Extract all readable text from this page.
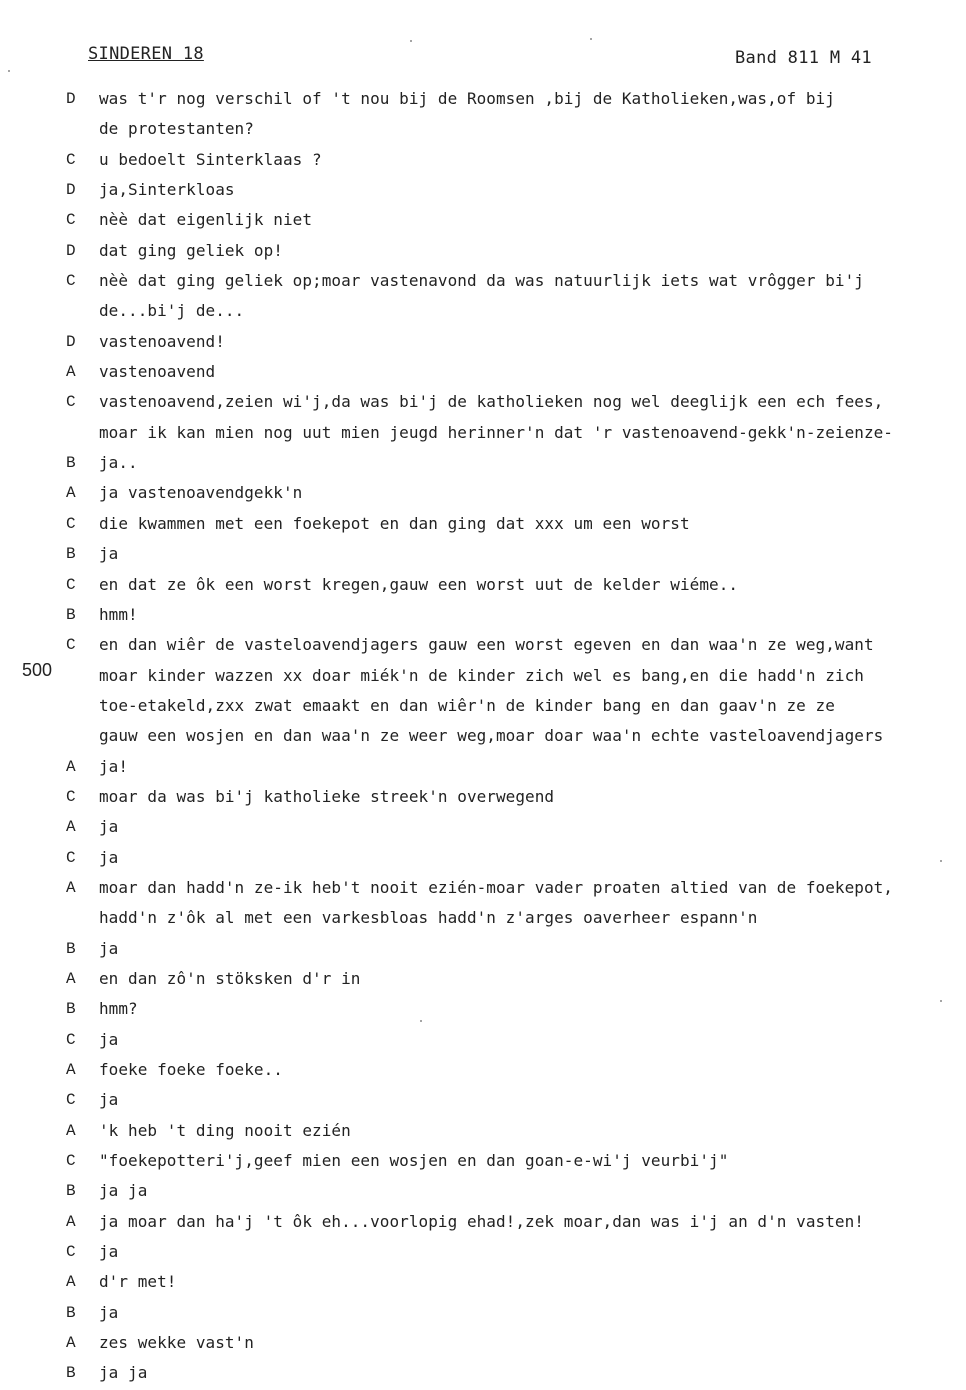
SINDEREN 18	Band 811 M 41
500
D	was t'r nog verschil of 't nou bij de Roomsen ,bij de Katholieken,was,of bij
de protestanten?
C	u bedoelt Sinterklaas ?
D	ja,Sinterkloas
C	nèè dat eigenlijk niet
D	dat ging geliek op!
C	nèè dat ging geliek op;moar vastenavond da was natuurlijk iets wat vrôgger bi'j
de...bi'j de...
D	vastenoavend!
A	vastenoavend
C	vastenoavend,zeien wi'j,da was bi'j de katholieken nog wel deeglijk een ech fees,
moar ik kan mien nog uut mien jeugd herinner'n dat 'r vastenoavend-gekk'n-zeienze-
B	ja..
A	ja vastenoavendgekk'n
C	die kwammen met een foekepot en dan ging dat xxx um een worst
B	ja
C	en dat ze ôk een worst kregen,gauw een worst uut de kelder wiéme..
B	hmm!
C	en dan wiêr de vasteloavendjagers gauw een worst egeven en dan waa'n ze weg,want
moar kinder wazzen xx doar miék'n de kinder zich wel es bang,en die hadd'n zich
toe-etakeld,zxx zwat emaakt en dan wiêr'n de kinder bang en dan gaav'n ze ze
gauw een wosjen en dan waa'n ze weer weg,moar doar waa'n echte vasteloavendjagers
A	ja!
C	moar da was bi'j katholieke streek'n overwegend
A	ja
C	ja
A	moar dan hadd'n ze-ik heb't nooit ezién-moar vader proaten altied van de foekepot,
hadd'n z'ôk al met een varkesbloas hadd'n z'arges oaverheer espann'n
B	ja
A	en dan zô'n stöksken d'r in
B	hmm?
C	ja
A	foeke foeke foeke..
C	ja
A	'k heb 't ding nooit ezién
C	"foekepotteri'j,geef mien een wosjen en dan goan-e-wi'j veurbi'j"
B	ja ja
A	ja moar dan ha'j 't ôk eh...voorlopig ehad!,zek moar,dan was i'j an d'n vasten!
C	ja
A	d'r met!
B	ja
A	zes wekke vast'n
B	ja ja
